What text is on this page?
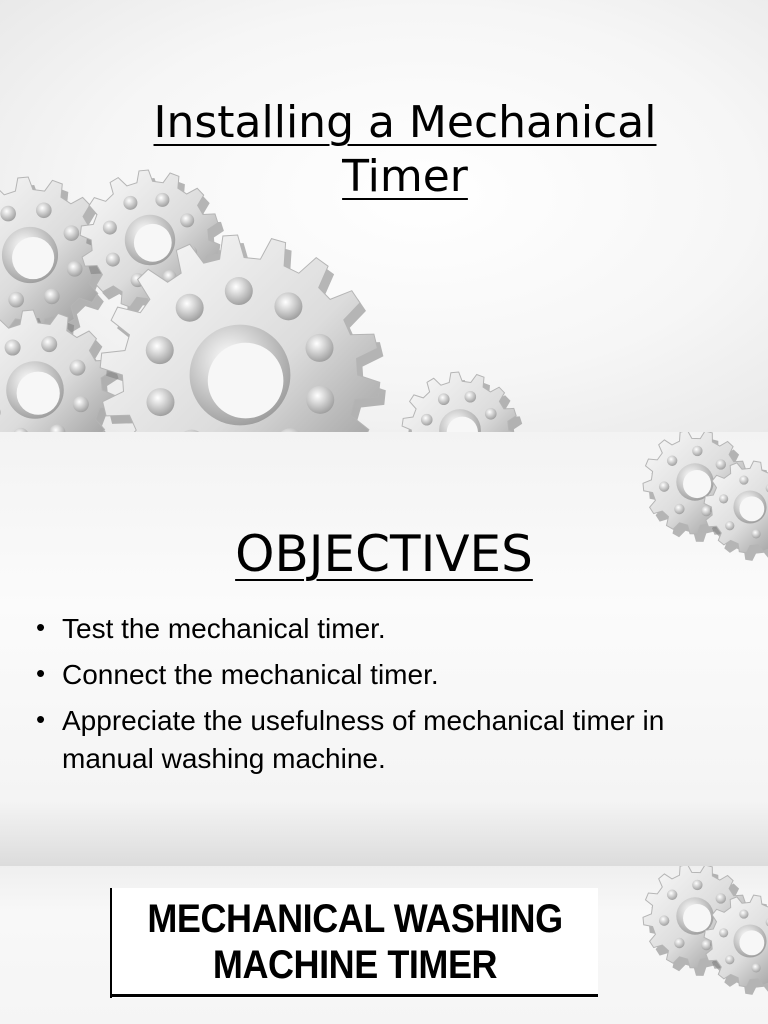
Installing a Mechanical
Timer
OBJECTIVES
• Test the mechanical timer.
• Connect the mechanical timer.
• Appreciate the usefulness of mechanical timer in manual washing machine.
MECHANICAL WASHING
MACHINE TIMER
